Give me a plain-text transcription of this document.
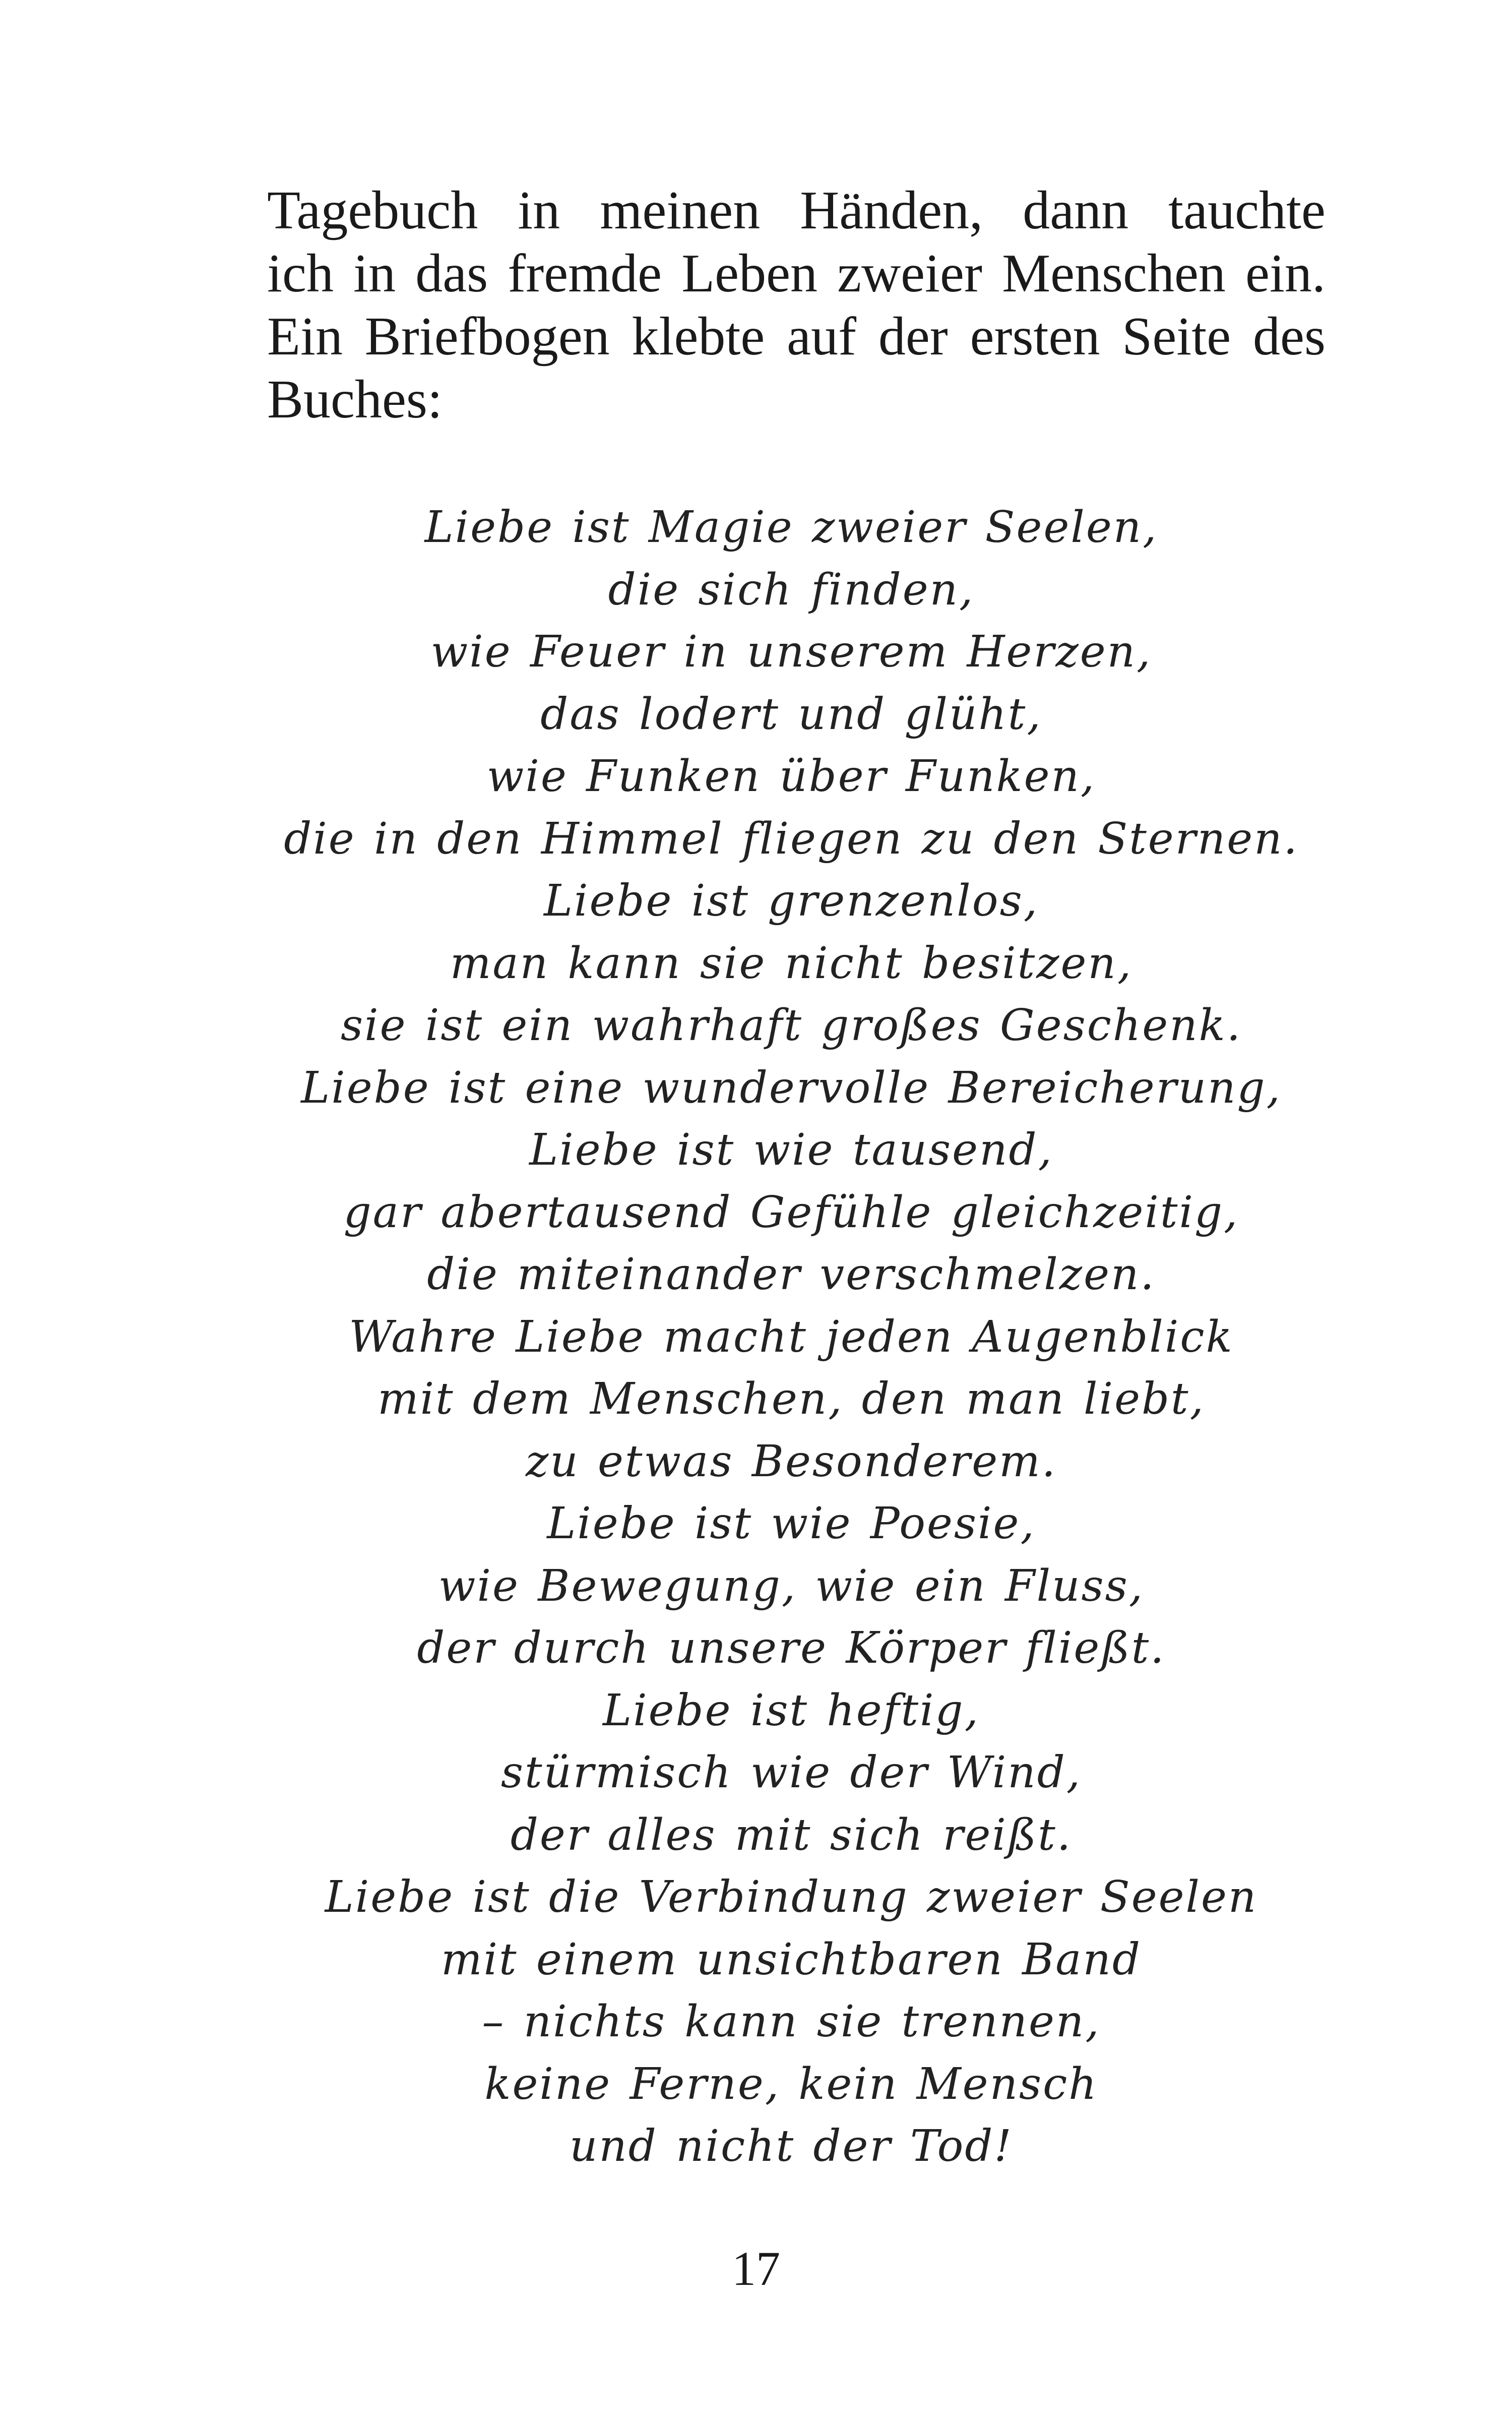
Tagebuch in meinen Händen, dann tauchte
ich in das fremde Leben zweier Menschen ein.
Ein Briefbogen klebte auf der ersten Seite des
Buches:
Liebe ist Magie zweier Seelen,
die sich finden,
wie Feuer in unserem Herzen,
das lodert und glüht,
wie Funken über Funken,
die in den Himmel fliegen zu den Sternen.
Liebe ist grenzenlos,
man kann sie nicht besitzen,
sie ist ein wahrhaft großes Geschenk.
Liebe ist eine wundervolle Bereicherung,
Liebe ist wie tausend,
gar abertausend Gefühle gleichzeitig,
die miteinander verschmelzen.
Wahre Liebe macht jeden Augenblick
mit dem Menschen, den man liebt,
zu etwas Besonderem.
Liebe ist wie Poesie,
wie Bewegung, wie ein Fluss,
der durch unsere Körper fließt.
Liebe ist heftig,
stürmisch wie der Wind,
der alles mit sich reißt.
Liebe ist die Verbindung zweier Seelen
mit einem unsichtbaren Band
– nichts kann sie trennen,
keine Ferne, kein Mensch
und nicht der Tod!
17
